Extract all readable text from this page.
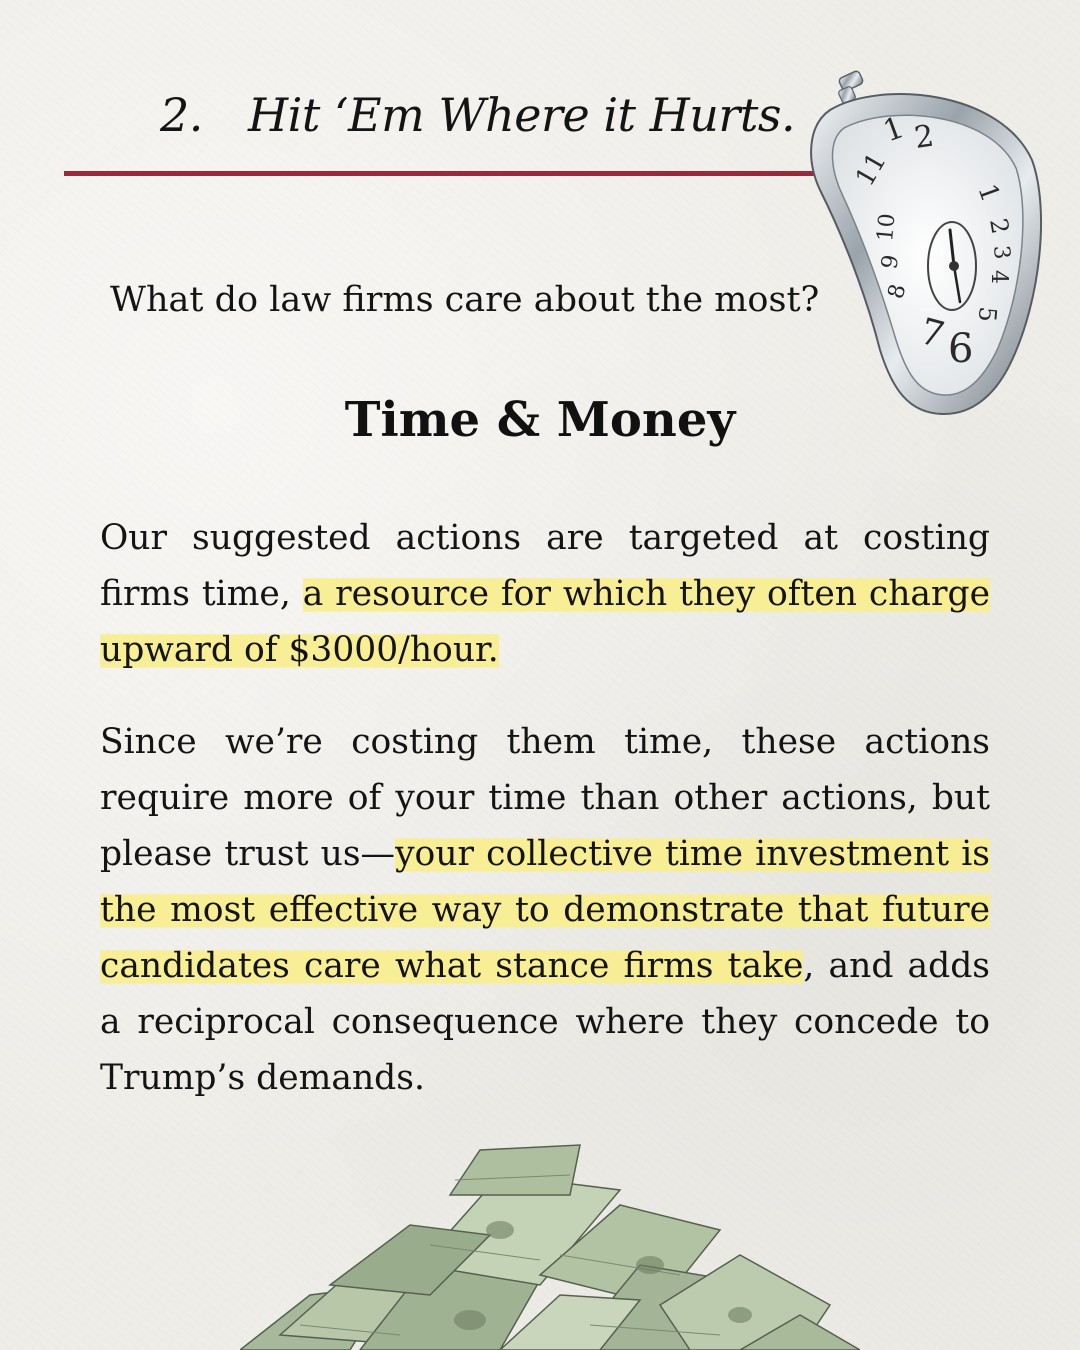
2. Hit ‘Em Where it Hurts.	1 2
1
2
3
4
5
6
7
8
9
10
11

What do law firms care about the most?

Time & Money

Our suggested actions are targeted at costing firms time, a resource for which they often charge upward of $3000/hour.

Since we’re costing them time, these actions require more of your time than other actions, but please trust us—your collective time investment is the most effective way to demonstrate that future candidates care what stance firms take, and adds a reciprocal consequence where they concede to Trump’s demands.
